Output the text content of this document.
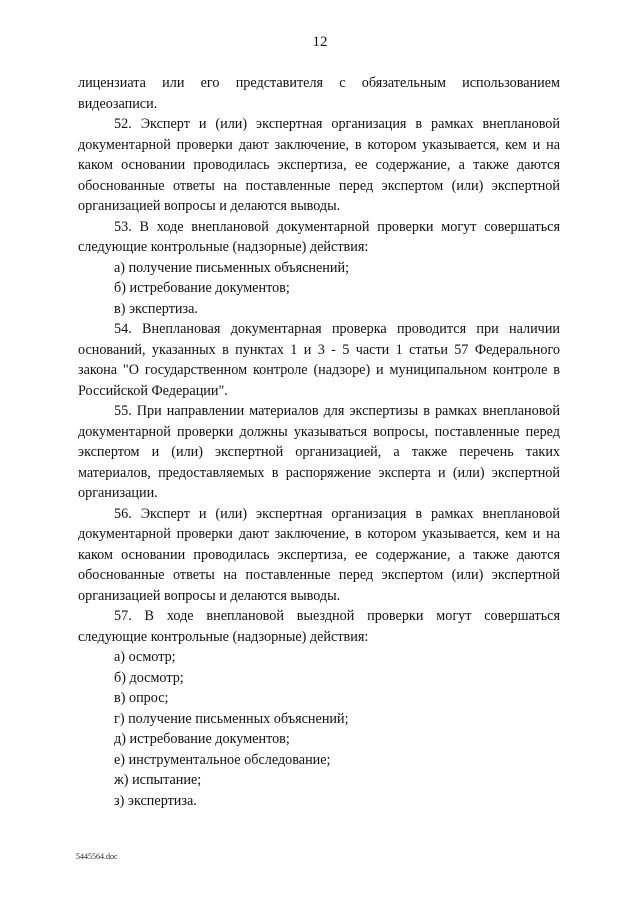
12

лицензиата или его представителя с обязательным использованием видеозаписи.

52. Эксперт и (или) экспертная организация в рамках внеплановой документарной проверки дают заключение, в котором указывается, кем и на каком основании проводилась экспертиза, ее содержание, а также даются обоснованные ответы на поставленные перед экспертом (или) экспертной организацией вопросы и делаются выводы.

53. В ходе внеплановой документарной проверки могут совершаться следующие контрольные (надзорные) действия:

а) получение письменных объяснений;

б) истребование документов;

в) экспертиза.

54. Внеплановая документарная проверка проводится при наличии оснований, указанных в пунктах 1 и 3 - 5 части 1 статьи 57 Федерального закона "О государственном контроле (надзоре) и муниципальном контроле в Российской Федерации".

55. При направлении материалов для экспертизы в рамках внеплановой документарной проверки должны указываться вопросы, поставленные перед экспертом и (или) экспертной организацией, а также перечень таких материалов, предоставляемых в распоряжение эксперта и (или) экспертной организации.

56. Эксперт и (или) экспертная организация в рамках внеплановой документарной проверки дают заключение, в котором указывается, кем и на каком основании проводилась экспертиза, ее содержание, а также даются обоснованные ответы на поставленные перед экспертом (или) экспертной организацией вопросы и делаются выводы.

57. В ходе внеплановой выездной проверки могут совершаться следующие контрольные (надзорные) действия:

а) осмотр;

б) досмотр;

в) опрос;

г) получение письменных объяснений;

д) истребование документов;

е) инструментальное обследование;

ж) испытание;

з) экспертиза.

5445564.doc
